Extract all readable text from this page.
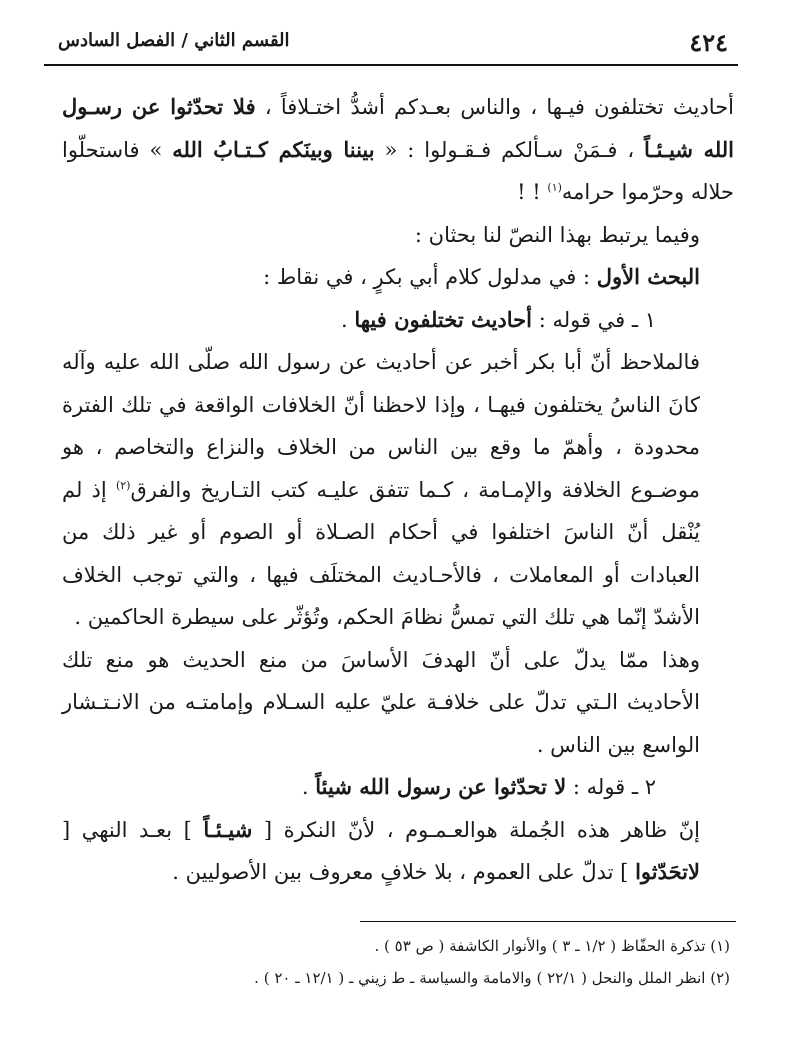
٤٢٤
القسم الثاني / الفصل السادس

أحاديث تختلفون فيـها ، والناس بعـدكم أشدُّ اختـلافاً ، فلا تحدّثوا عن رسـول الله شيـئـاً ، فـمَنْ سـألكم فـقـولوا : « بيننا وبينَكم كـتـابُ الله » فاستحلّوا حلاله وحرّموا حرامه$^{(١)}$ ! !

وفيما يرتبط بهذا النصّ لنا بحثان :

البحث الأول : في مدلول كلام أبي بكرٍ ، في نقاط :

١ ـ في قوله : أحاديث تختلفون فيها .

فالملاحظ أنّ أبا بكر أخبر عن أحاديث عن رسول الله صلّى الله عليه وآله كانَ الناسُ يختلفون فيهـا ، وإذا لاحظنا أنّ الخلافات الواقعة في تلك الفترة محدودة ، وأهمّ ما وقع بين الناس من الخلاف والنزاع والتخاصم ، هو موضـوع الخلافة والإمـامة ، كـما تتفق عليـه كتب التـاريخ والفرق$^{(٢)}$ إذ لم يُنْقل أنّ الناسَ اختلفوا في أحكام الصـلاة أو الصوم أو غير ذلك من العبادات أو المعاملات ، فالأحـاديث المختلَف فيها ، والتي توجب الخلاف الأشدّ إنّما هي تلك التي تمسُّ نظامَ الحكم، وتُؤثّر على سيطرة الحاكمين .

وهذا ممّا يدلّ على أنّ الهدفَ الأساسَ من منع الحديث هو منع تلك الأحاديث الـتي تدلّ على خلافـة عليّ عليه السـلام وإمامتـه من الانـتـشار الواسع بين الناس .

٢ ـ قوله : لا تحدّثوا عن رسول الله شيئاً .

إنّ ظاهر هذه الجُملة هوالعـمـوم ، لأنّ النكرة [ شيـئـاً ] بعـد النهي [ لاتحَدّثوا ] تدلّ على العموم ، بلا خلافٍ معروف بين الأصوليين .

(١) تذكرة الحفّاظ ( ١/٢ ـ ٣ ) والأنوار الكاشفة ( ص ٥٣ ) .

(٢) انظر الملل والنحل ( ٢٢/١ ) والامامة والسياسة ـ ط زيني ـ ( ١٢/١ ـ ٢٠ ) .
